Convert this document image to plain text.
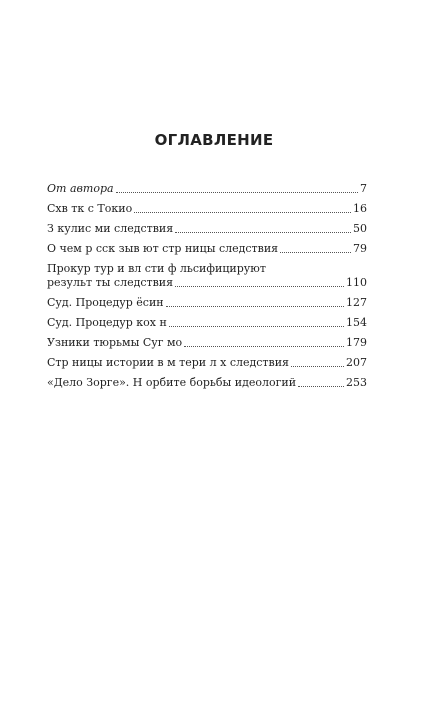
ОГЛАВЛЕНИЕ
От автора	7
Схв тк с Токио	16
З кулис ми следствия	50
О чем р сск зыв ют стр ницы следствия	79
Прокур тур и вл сти ф льсифицируют
результ ты следствия	110
Суд. Процедур ёсин	127
Суд. Процедур кох н	154
Узники тюрьмы Суг мо	179
Стр ницы истории в м тери л х следствия	207
«Дело Зорге». Н орбите борьбы идеологий	253
